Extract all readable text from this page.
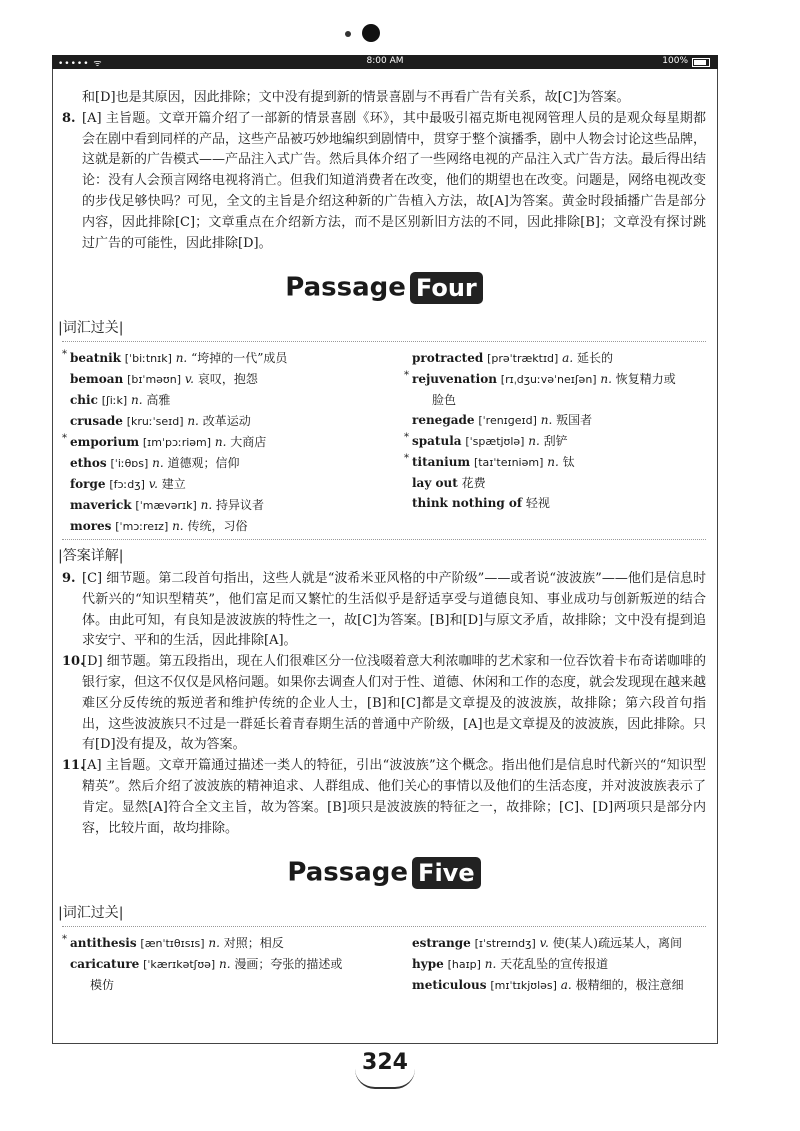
••••• ᯤ	8:00 AM	100%
和[D]也是其原因，因此排除；文中没有提到新的情景喜剧与不再看广告有关系，故[C]为答案。
8. [A] 主旨题。文章开篇介绍了一部新的情景喜剧《环》，其中最吸引福克斯电视网管理人员的是观众每星期都会在剧中看到同样的产品，这些产品被巧妙地编织到剧情中，贯穿于整个演播季，剧中人物会讨论这些品牌，这就是新的广告模式——产品注入式广告。然后具体介绍了一些网络电视的产品注入式广告方法。最后得出结论：没有人会预言网络电视将消亡。但我们知道消费者在改变，他们的期望也在改变。问题是，网络电视改变的步伐足够快吗？可见，全文的主旨是介绍这种新的广告植入方法，故[A]为答案。黄金时段插播广告是部分内容，因此排除[C]；文章重点在介绍新方法，而不是区别新旧方法的不同，因此排除[B]；文章没有探讨跳过广告的可能性，因此排除[D]。
Passage Four
|词汇过关|
* beatnik [ˈbiːtnɪk] n. “垮掉的一代”成员
bemoan [bɪˈməʊn] v. 哀叹，抱怨
chic [ʃiːk] n. 高雅
crusade [kruːˈseɪd] n. 改革运动
* emporium [ɪmˈpɔːriəm] n. 大商店
ethos [ˈiːθɒs] n. 道德观；信仰
forge [fɔːdʒ] v. 建立
maverick [ˈmævərɪk] n. 持异议者
mores [ˈmɔːreɪz] n. 传统，习俗
protracted [prəˈtræktɪd] a. 延长的
* rejuvenation [rɪˌdʒuːvəˈneɪʃən] n. 恢复精力或
脸色
renegade [ˈrenɪɡeɪd] n. 叛国者
* spatula [ˈspætjʊlə] n. 刮铲
* titanium [taɪˈteɪniəm] n. 钛
lay out 花费
think nothing of 轻视
|答案详解|
9. [C] 细节题。第二段首句指出，这些人就是“波希米亚风格的中产阶级”——或者说“波波族”——他们是信息时代新兴的“知识型精英”，他们富足而又繁忙的生活似乎是舒适享受与道德良知、事业成功与创新叛逆的结合体。由此可知，有良知是波波族的特性之一，故[C]为答案。[B]和[D]与原文矛盾，故排除；文中没有提到追求安宁、平和的生活，因此排除[A]。
10.
[D] 细节题。第五段指出，现在人们很难区分一位浅啜着意大利浓咖啡的艺术家和一位吞饮着卡布奇诺咖啡的银行家，但这不仅仅是风格问题。如果你去调查人们对于性、道德、休闲和工作的态度，就会发现现在越来越难区分反传统的叛逆者和维护传统的企业人士，[B]和[C]都是文章提及的波波族，故排除；第六段首句指出，这些波波族只不过是一群延长着青春期生活的普通中产阶级，[A]也是文章提及的波波族，因此排除。只有[D]没有提及，故为答案。
11.
[A] 主旨题。文章开篇通过描述一类人的特征，引出“波波族”这个概念。指出他们是信息时代新兴的“知识型精英”。然后介绍了波波族的精神追求、人群组成、他们关心的事情以及他们的生活态度，并对波波族表示了肯定。显然[A]符合全文主旨，故为答案。[B]项只是波波族的特征之一，故排除；[C]、[D]两项只是部分内容，比较片面，故均排除。
Passage Five
|词汇过关|
* antithesis [ænˈtɪθɪsɪs] n. 对照；相反
caricature [ˈkærɪkətʃʊə] n. 漫画；夸张的描述或
模仿
estrange [ɪˈstreɪndʒ] v. 使(某人)疏远某人，离间
hype [haɪp] n. 天花乱坠的宣传报道
meticulous [mɪˈtɪkjʊləs] a. 极精细的，极注意细
324
